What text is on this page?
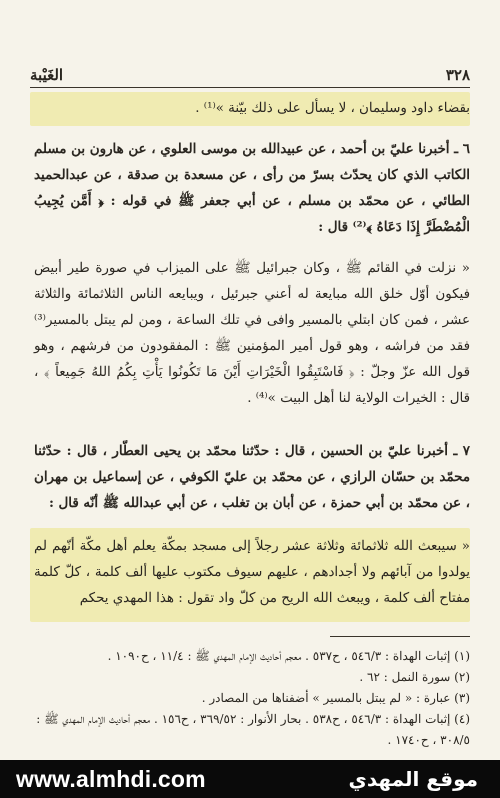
٣٢٨
الغَيْبة

بقضاء داود وسليمان ، لا يسأل على ذلك بيّنة »⁽¹⁾ .

٦ ـ أخبرنا عليّ بن أحمد ، عن عبيدالله بن موسى العلوي ، عن هارون بن مسلم الكاتب الذي كان يحدّث بسرّ من رأى ، عن مسعدة بن صدقة ، عن عبدالحميد الطائي ، عن محمّد بن مسلم ، عن أبي جعفر ﷺ في قوله : ﴿ أَمَّن يُجِيبُ الْمُضْطَرَّ إِذَا دَعَاهُ ﴾⁽²⁾ قال :

« نزلت في القائم ﷺ ، وكان جبرائيل ﷺ على الميزاب في صورة طير أبيض فيكون أوّل خلق الله مبايعة له أعني جبرئيل ، ويبايعه الناس الثلاثمائة والثلاثة عشر ، فمن كان ابتلي بالمسير وافى في تلك الساعة ، ومن لم يبتل بالمسير⁽³⁾ فقد من فراشه ، وهو قول أمير المؤمنين ﷺ : المفقودون من فرشهم ، وهو قول الله عزّ وجلّ : ﴿ فَاسْتَبِقُوا الْخَيْرَاتِ أَيْنَ مَا تَكُونُوا يَأْتِ بِكُمُ اللهُ جَمِيعاً ﴾ ، قال : الخيرات الولاية لنا أهل البيت »⁽⁴⁾ .

٧ ـ أخبرنا عليّ بن الحسين ، قال : حدّثنا محمّد بن يحيى العطّار ، قال : حدّثنا محمّد بن حسّان الرازي ، عن محمّد بن عليّ الكوفي ، عن إسماعيل بن مهران ، عن محمّد بن أبي حمزة ، عن أبان بن تغلب ، عن أبي عبدالله ﷺ أنّه قال :

« سيبعث الله ثلاثمائة وثلاثة عشر رجلاً إلى مسجد بمكّة يعلم أهل مكّة أنّهم لم يولدوا من آبائهم ولا أجدادهم ، عليهم سيوف مكتوب عليها ألف كلمة ، كلّ كلمة مفتاح ألف كلمة ، ويبعث الله الريح من كلّ واد تقول : هذا المهدي يحكم

(١) إثبات الهداة : ٥٤٦/٣ ، ح٥٣٧ . معجم أحاديث الإمام المهدي ﷺ : ١١/٤ ، ح١٠٩٠ .

(٢) سورة النمل : ٦٢ .

(٣) عبارة : « لم يبتل بالمسير » أضفناها من المصادر .

(٤) إثبات الهداة : ٥٤٦/٣ ، ح٥٣٨ . بحار الأنوار : ٣٦٩/٥٢ ، ح١٥٦ . معجم أحاديث الإمام المهدي ﷺ : ٣٠٨/٥ ، ح١٧٤٠ .

www.almhdi.com	موقع المهدي
